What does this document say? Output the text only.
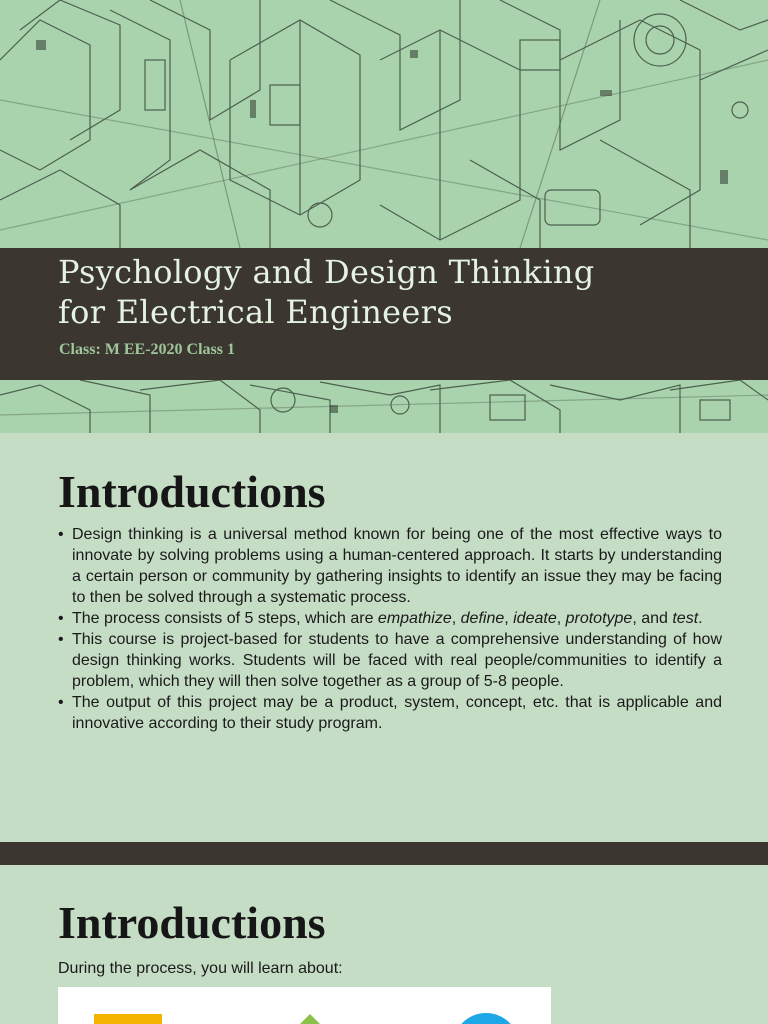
Psychology and Design Thinking
for Electrical Engineers

Class: M EE-2020 Class 1

Introductions
• Design thinking is a universal method known for being one of the most effective ways to innovate by solving problems using a human-centered approach. It starts by understanding a certain person or community by gathering insights to identify an issue they may be facing to then be solved through a systematic process.
• The process consists of 5 steps, which are empathize, define, ideate, prototype, and test.
• This course is project-based for students to have a comprehensive understanding of how design thinking works. Students will be faced with real people/communities to identify a problem, which they will then solve together as a group of 5-8 people.
• The output of this project may be a product, system, concept, etc. that is applicable and innovative according to their study program.
Introductions

During the process, you will learn about:
